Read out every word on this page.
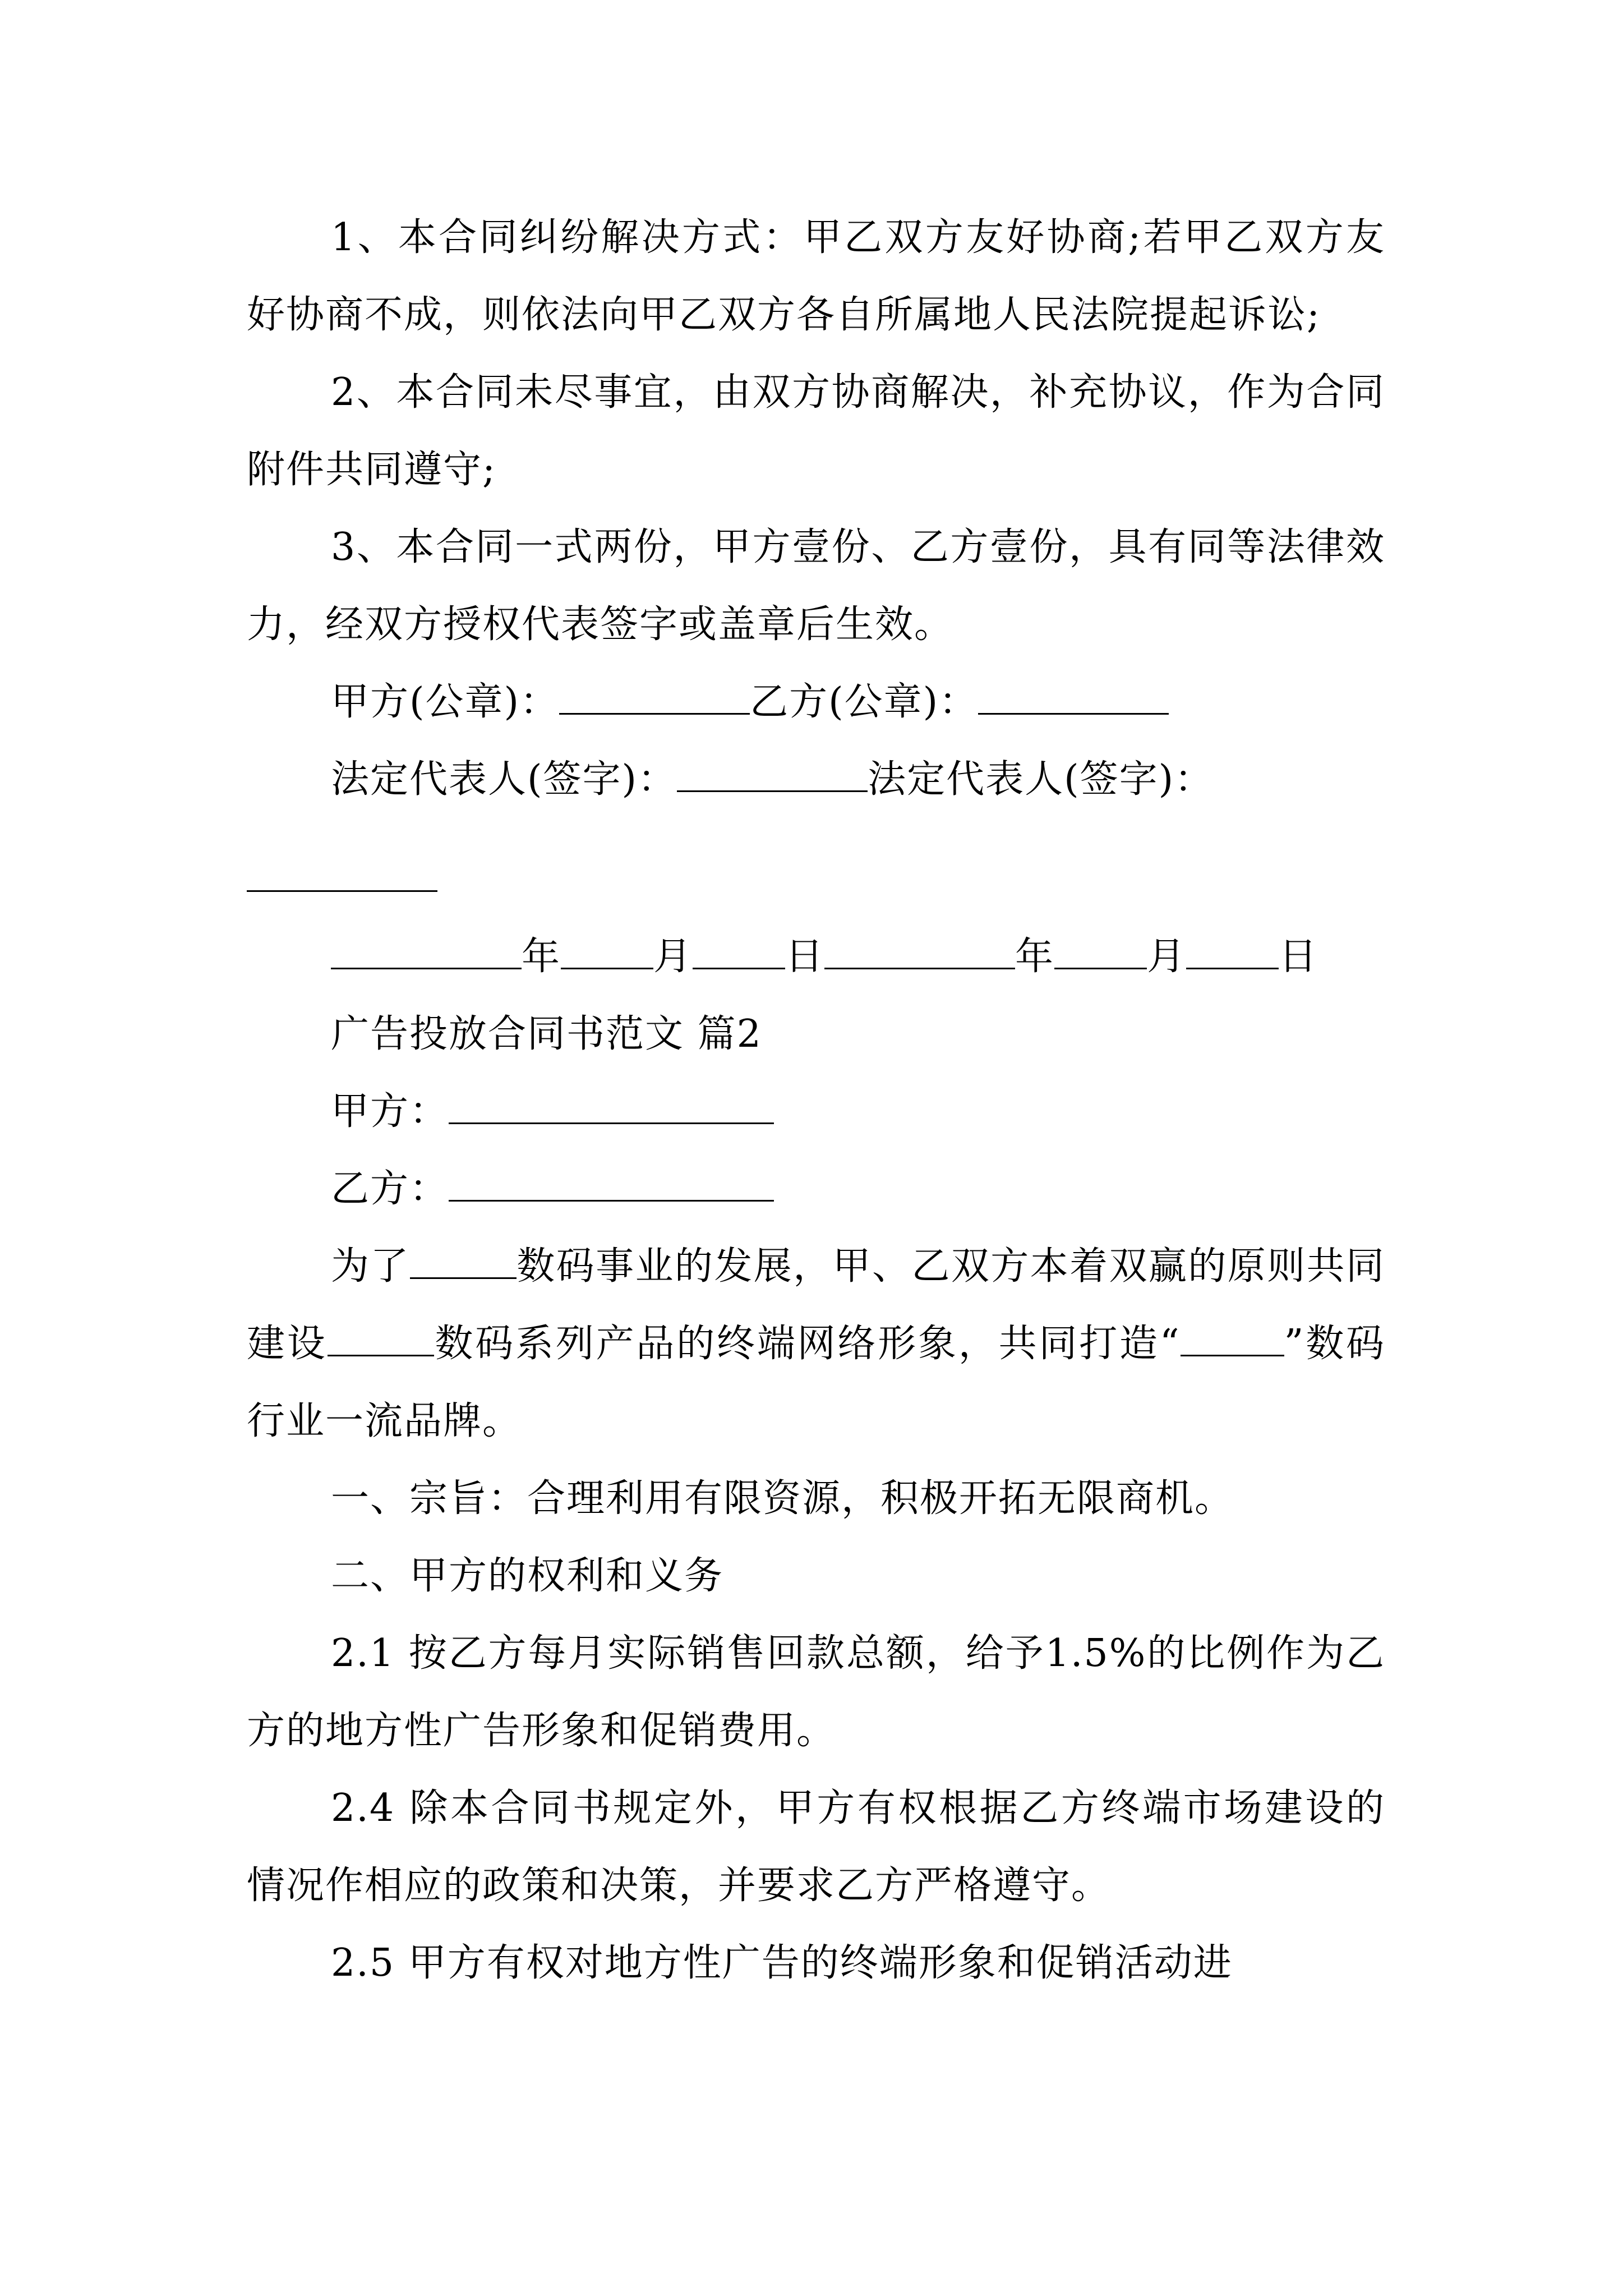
1、本合同纠纷解决方式：甲乙双方友好协商;若甲乙双方友好协商不成，则依法向甲乙双方各自所属地人民法院提起诉讼;

2、本合同未尽事宜，由双方协商解决，补充协议，作为合同附件共同遵守;

3、本合同一式两份，甲方壹份、乙方壹份，具有同等法律效力，经双方授权代表签字或盖章后生效。

甲方(公章)：	乙方(公章)：
法定代表人(签字)：	法定代表人(签字)：
年 月 日	年 月 日
广告投放合同书范文 篇2
甲方：
乙方：

为了	数码事业的发展，甲、乙双方本着双赢的原则共同建设	数码系列产品的终端网络形象，共同打造“	”数码行业一流品牌。

一、宗旨：合理利用有限资源，积极开拓无限商机。

二、甲方的权利和义务

2.1 按乙方每月实际销售回款总额，给予1.5%的比例作为乙方的地方性广告形象和促销费用。

2.4 除本合同书规定外，甲方有权根据乙方终端市场建设的情况作相应的政策和决策，并要求乙方严格遵守。

2.5 甲方有权对地方性广告的终端形象和促销活动进
